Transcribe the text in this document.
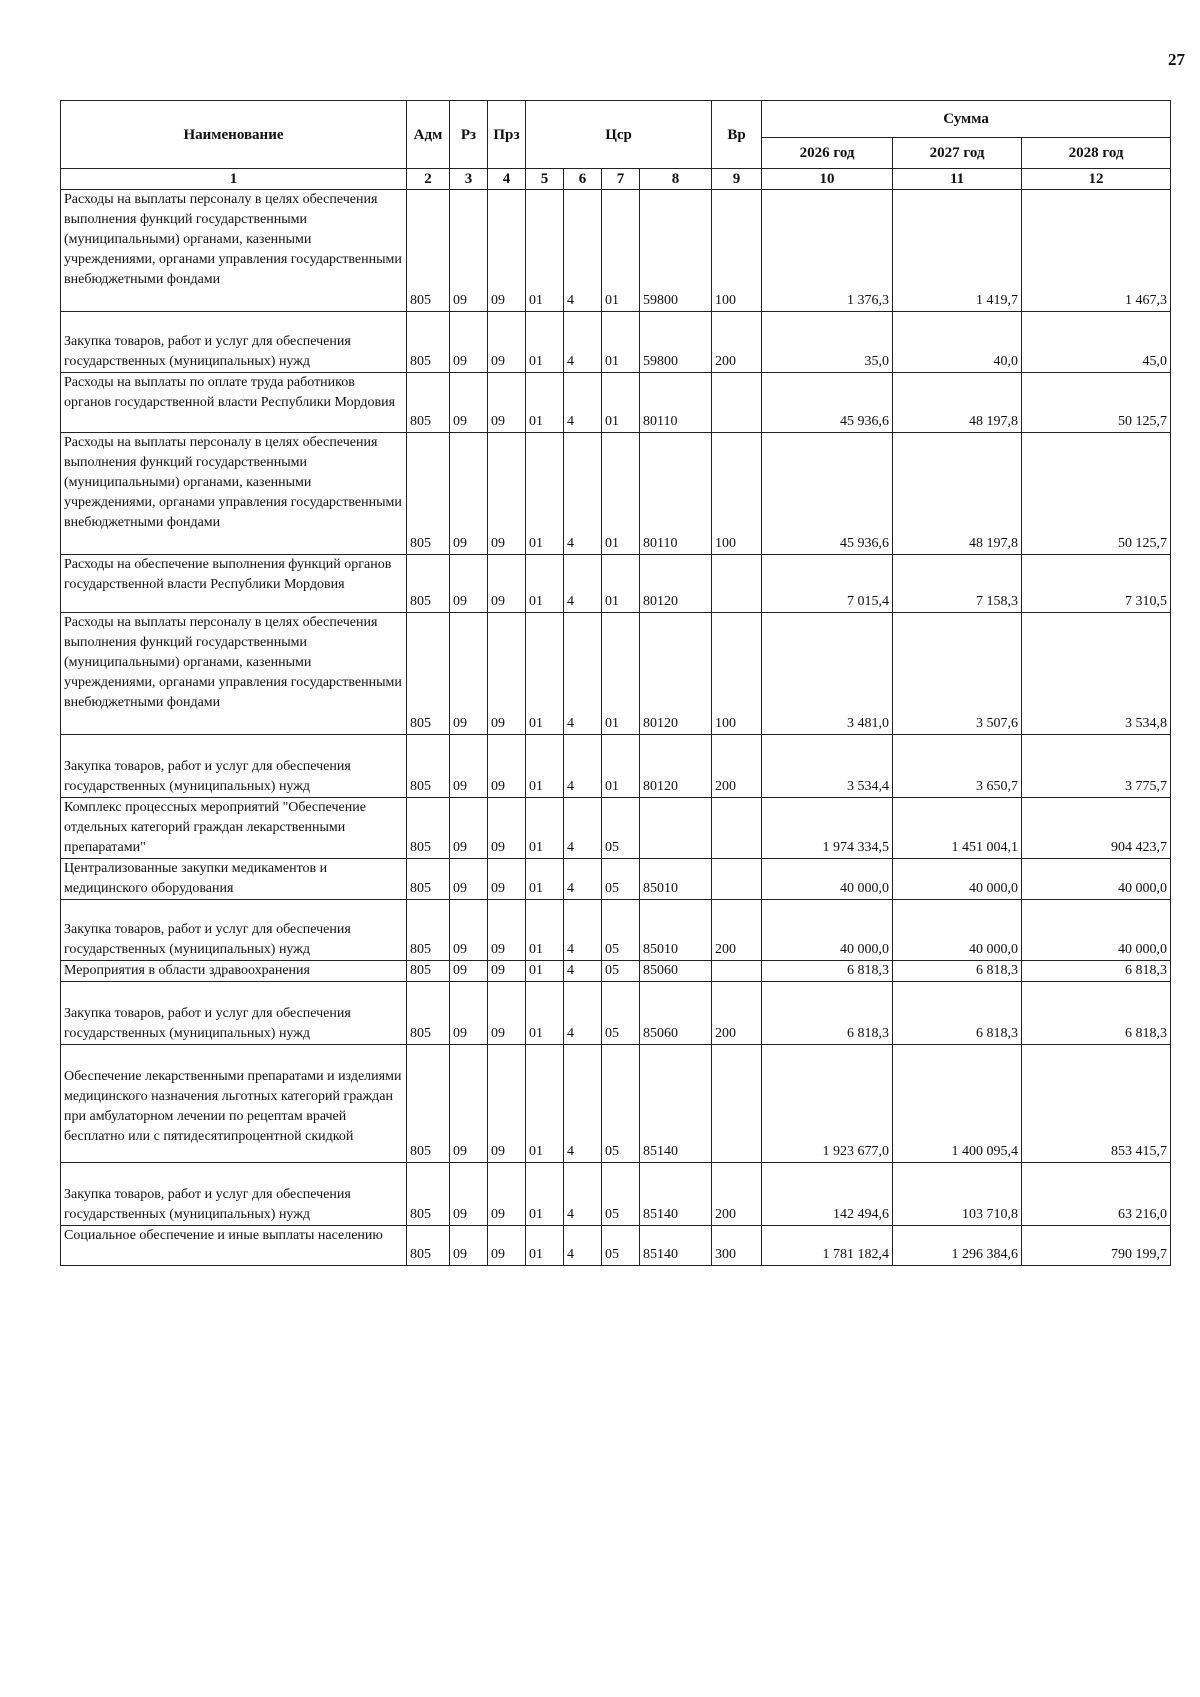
27
Наименование	Адм	Рз	Прз	Цср				Вр	Сумма		
									2026 год	2027 год	2028 год
1	2	3	4	5	6	7	8	9	10	11	12
Расходы на выплаты персоналу в целях обеспечения выполнения функций государственными (муниципальными) органами, казенными учреждениями, органами управления государственными внебюджетными фондами	805	09	09	01	4	01	59800	100	1 376,3	1 419,7	1 467,3
Закупка товаров, работ и услуг для обеспечения государственных (муниципальных) нужд	805	09	09	01	4	01	59800	200	35,0	40,0	45,0
Расходы на выплаты по оплате труда работников органов государственной власти Республики Мордовия	805	09	09	01	4	01	80110		45 936,6	48 197,8	50 125,7
Расходы на выплаты персоналу в целях обеспечения выполнения функций государственными (муниципальными) органами, казенными учреждениями, органами управления государственными внебюджетными фондами	805	09	09	01	4	01	80110	100	45 936,6	48 197,8	50 125,7
Расходы на обеспечение выполнения функций органов государственной власти Республики Мордовия	805	09	09	01	4	01	80120		7 015,4	7 158,3	7 310,5
Расходы на выплаты персоналу в целях обеспечения выполнения функций государственными (муниципальными) органами, казенными учреждениями, органами управления государственными внебюджетными фондами	805	09	09	01	4	01	80120	100	3 481,0	3 507,6	3 534,8
Закупка товаров, работ и услуг для обеспечения государственных (муниципальных) нужд	805	09	09	01	4	01	80120	200	3 534,4	3 650,7	3 775,7
Комплекс процессных мероприятий "Обеспечение отдельных категорий граждан лекарственными препаратами"	805	09	09	01	4	05			1 974 334,5	1 451 004,1	904 423,7
Централизованные закупки медикаментов и медицинского оборудования	805	09	09	01	4	05	85010		40 000,0	40 000,0	40 000,0
Закупка товаров, работ и услуг для обеспечения государственных (муниципальных) нужд	805	09	09	01	4	05	85010	200	40 000,0	40 000,0	40 000,0
Мероприятия в области здравоохранения	805	09	09	01	4	05	85060		6 818,3	6 818,3	6 818,3
Закупка товаров, работ и услуг для обеспечения государственных (муниципальных) нужд	805	09	09	01	4	05	85060	200	6 818,3	6 818,3	6 818,3
Обеспечение лекарственными препаратами и изделиями медицинского назначения льготных категорий граждан при амбулаторном лечении по рецептам врачей бесплатно или с пятидесятипроцентной скидкой	805	09	09	01	4	05	85140		1 923 677,0	1 400 095,4	853 415,7
Закупка товаров, работ и услуг для обеспечения государственных (муниципальных) нужд	805	09	09	01	4	05	85140	200	142 494,6	103 710,8	63 216,0
Социальное обеспечение и иные выплаты населению	805	09	09	01	4	05	85140	300	1 781 182,4	1 296 384,6	790 199,7
